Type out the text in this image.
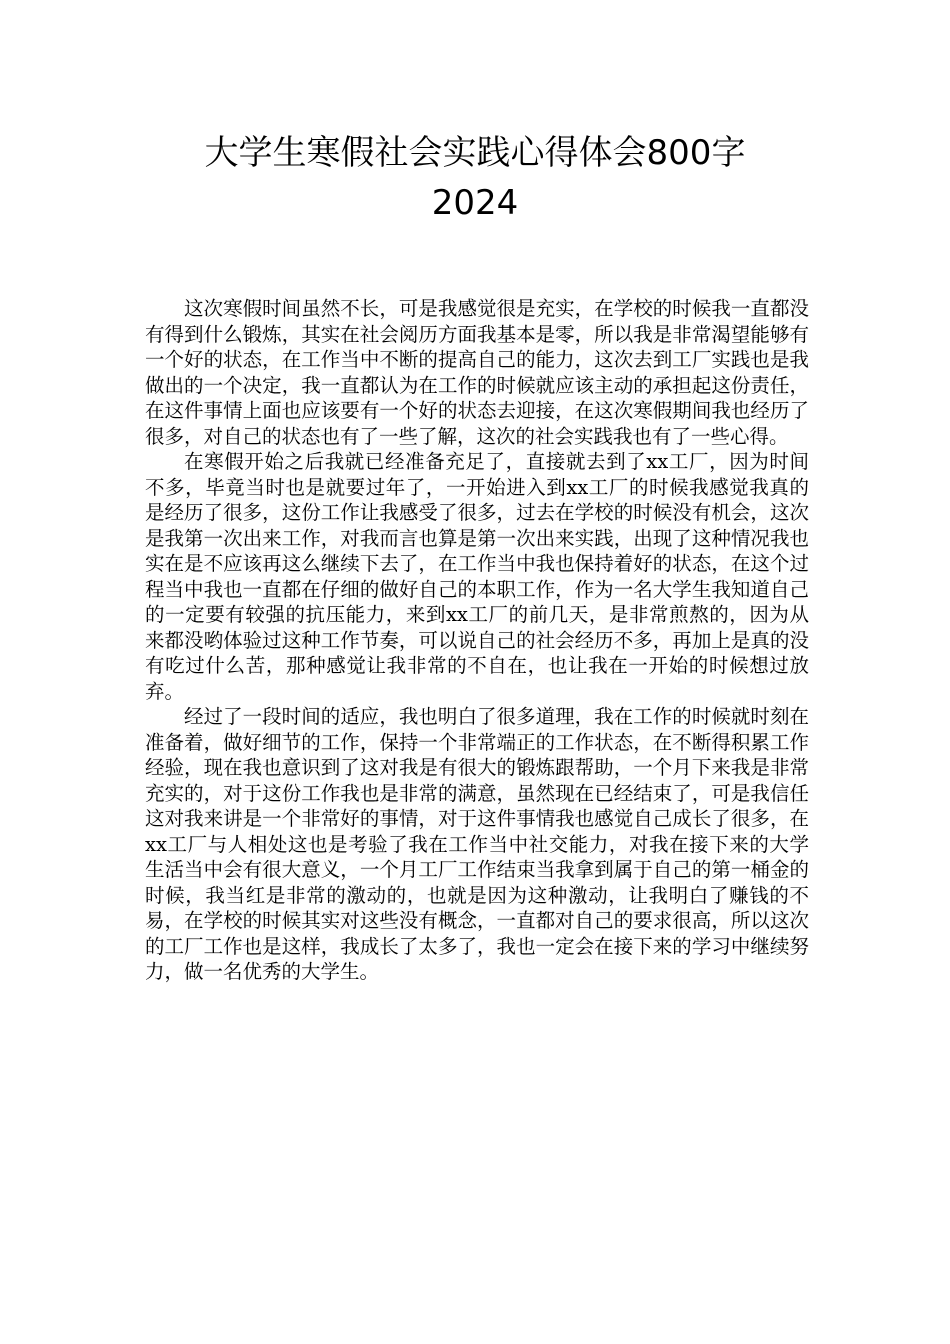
大学生寒假社会实践心得体会800字
2024

这次寒假时间虽然不长，可是我感觉很是充实，在学校的时候我一直都没有得到什么锻炼，其实在社会阅历方面我基本是零，所以我是非常渴望能够有一个好的状态，在工作当中不断的提高自己的能力，这次去到工厂实践也是我做出的一个决定，我一直都认为在工作的时候就应该主动的承担起这份责任，在这件事情上面也应该要有一个好的状态去迎接，在这次寒假期间我也经历了很多，对自己的状态也有了一些了解，这次的社会实践我也有了一些心得。

在寒假开始之后我就已经准备充足了，直接就去到了xx工厂，因为时间不多，毕竟当时也是就要过年了，一开始进入到xx工厂的时候我感觉我真的是经历了很多，这份工作让我感受了很多，过去在学校的时候没有机会，这次是我第一次出来工作，对我而言也算是第一次出来实践，出现了这种情况我也实在是不应该再这么继续下去了，在工作当中我也保持着好的状态，在这个过程当中我也一直都在仔细的做好自己的本职工作，作为一名大学生我知道自己的一定要有较强的抗压能力，来到xx工厂的前几天，是非常煎熬的，因为从来都没哟体验过这种工作节奏，可以说自己的社会经历不多，再加上是真的没有吃过什么苦，那种感觉让我非常的不自在，也让我在一开始的时候想过放弃。

经过了一段时间的适应，我也明白了很多道理，我在工作的时候就时刻在准备着，做好细节的工作，保持一个非常端正的工作状态，在不断得积累工作经验，现在我也意识到了这对我是有很大的锻炼跟帮助，一个月下来我是非常充实的，对于这份工作我也是非常的满意，虽然现在已经结束了，可是我信任这对我来讲是一个非常好的事情，对于这件事情我也感觉自己成长了很多，在xx工厂与人相处这也是考验了我在工作当中社交能力，对我在接下来的大学生活当中会有很大意义，一个月工厂工作结束当我拿到属于自己的第一桶金的时候，我当红是非常的激动的，也就是因为这种激动，让我明白了赚钱的不易，在学校的时候其实对这些没有概念，一直都对自己的要求很高，所以这次的工厂工作也是这样，我成长了太多了，我也一定会在接下来的学习中继续努力，做一名优秀的大学生。
